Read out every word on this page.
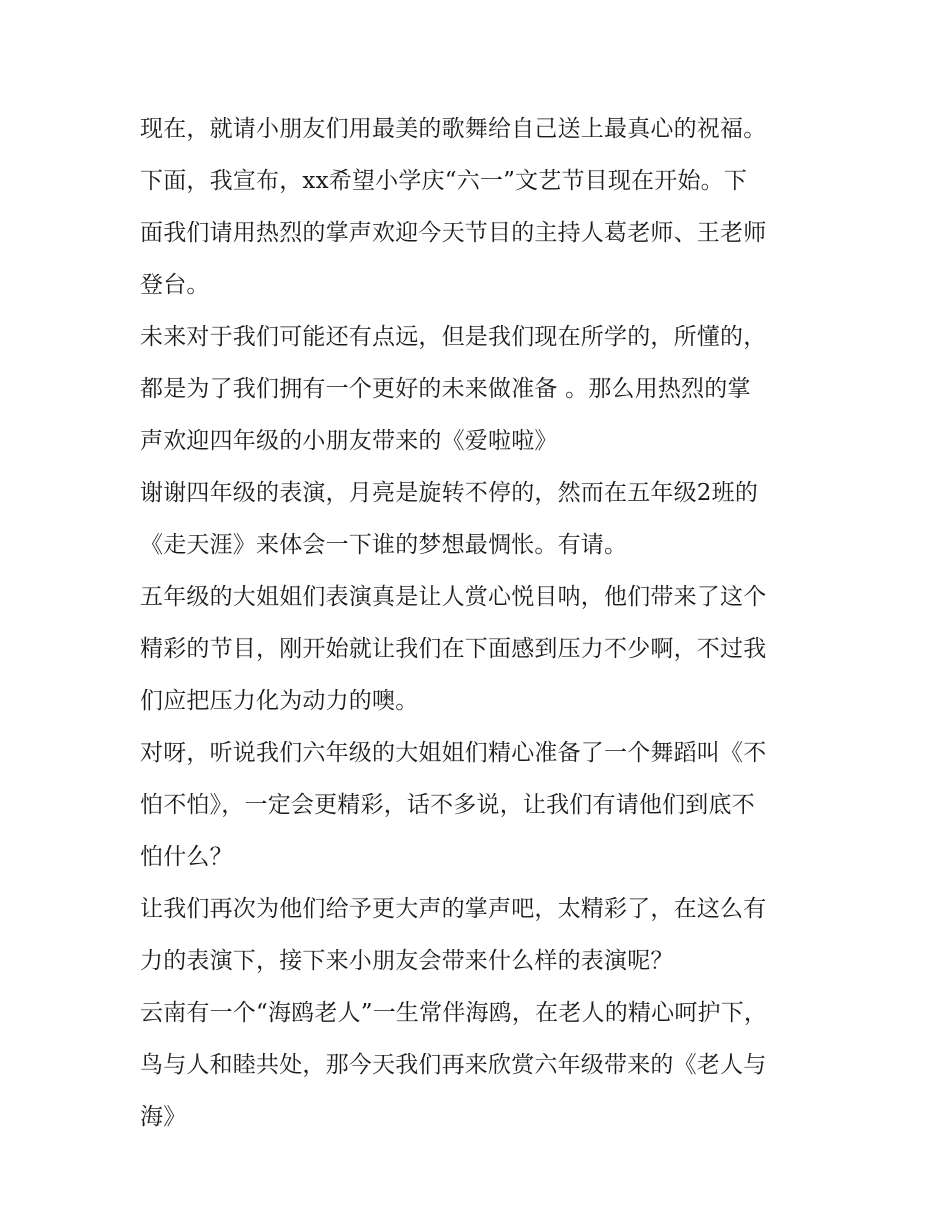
现在，就请小朋友们用最美的歌舞给自己送上最真心的祝福。
下面，我宣布，xx希望小学庆“六一”文艺节目现在开始。下
面我们请用热烈的掌声欢迎今天节目的主持人葛老师、王老师
登台。
未来对于我们可能还有点远，但是我们现在所学的，所懂的，
都是为了我们拥有一个更好的未来做准备 。那么用热烈的掌
声欢迎四年级的小朋友带来的《爱啦啦》
谢谢四年级的表演，月亮是旋转不停的，然而在五年级2班的
《走天涯》来体会一下谁的梦想最惆怅。有请。
五年级的大姐姐们表演真是让人赏心悦目呐，他们带来了这个
精彩的节目，刚开始就让我们在下面感到压力不少啊，不过我
们应把压力化为动力的噢。
对呀，听说我们六年级的大姐姐们精心准备了一个舞蹈叫《不
怕不怕》，一定会更精彩，话不多说，让我们有请他们到底不
怕什么？
让我们再次为他们给予更大声的掌声吧，太精彩了，在这么有
力的表演下，接下来小朋友会带来什么样的表演呢？
云南有一个“海鸥老人”一生常伴海鸥，在老人的精心呵护下，
鸟与人和睦共处，那今天我们再来欣赏六年级带来的《老人与
海》
